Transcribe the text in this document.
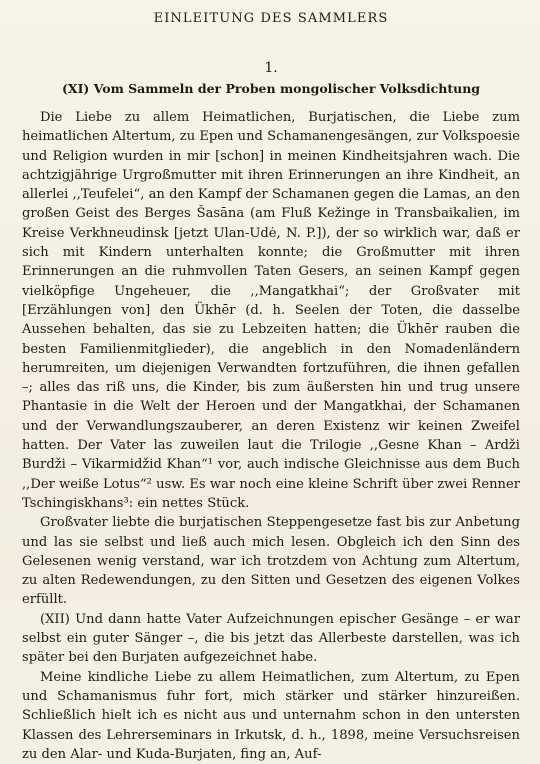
EINLEITUNG DES SAMMLERS
1.
(XI) Vom Sammeln der Proben mongolischer Volksdichtung

Die Liebe zu allem Heimatlichen, Burjatischen, die Liebe zum heimatlichen Altertum, zu Epen und Schamanengesängen, zur Volkspoesie und Religion wurden in mir [schon] in meinen Kindheitsjahren wach. Die achtzigjährige Urgroßmutter mit ihren Erinnerungen an ihre Kindheit, an allerlei ,,Teufelei“, an den Kampf der Schamanen gegen die Lamas, an den großen Geist des Berges Šasāna (am Fluß Kežinge in Transbaikalien, im Kreise Verkhneudinsk [jetzt Ulan-Udė, N. P.]), der so wirklich war, daß er sich mit Kindern unterhalten konnte; die Großmutter mit ihren Erinnerungen an die ruhmvollen Taten Gesers, an seinen Kampf gegen vielköpfige Ungeheuer, die ,,Mangatkhai“; der Großvater mit [Erzählungen von] den Ükhēr (d. h. Seelen der Toten, die dasselbe Aussehen behalten, das sie zu Lebzeiten hatten; die Ükhēr rauben die besten Familienmitglieder), die angeblich in den Nomadenländern herumreiten, um diejenigen Verwandten fortzuführen, die ihnen gefallen –; alles das riß uns, die Kinder, bis zum äußersten hin und trug unsere Phantasie in die Welt der Heroen und der Mangatkhai, der Schamanen und der Verwandlungszauberer, an deren Existenz wir keinen Zweifel hatten. Der Vater las zuweilen laut die Trilogie ,,Gesne Khan – Ardži Burdži – Vikarmidžid Khan“¹ vor, auch indische Gleichnisse aus dem Buch ,,Der weiße Lotus“² usw. Es war noch eine kleine Schrift über zwei Renner Tschingiskhans³: ein nettes Stück.

Großvater liebte die burjatischen Steppengesetze fast bis zur Anbetung und las sie selbst und ließ auch mich lesen. Obgleich ich den Sinn des Gelesenen wenig verstand, war ich trotzdem von Achtung zum Altertum, zu alten Redewendungen, zu den Sitten und Gesetzen des eigenen Volkes erfüllt.

(XII) Und dann hatte Vater Aufzeichnungen epischer Gesänge – er war selbst ein guter Sänger –, die bis jetzt das Allerbeste darstellen, was ich später bei den Burjaten aufgezeichnet habe.

Meine kindliche Liebe zu allem Heimatlichen, zum Altertum, zu Epen und Schamanismus fuhr fort, mich stärker und stärker hinzureißen. Schließlich hielt ich es nicht aus und unternahm schon in den untersten Klassen des Lehrerseminars in Irkutsk, d. h., 1898, meine Versuchsreisen zu den Alar- und Kuda-Burjaten, fing an, Auf-
